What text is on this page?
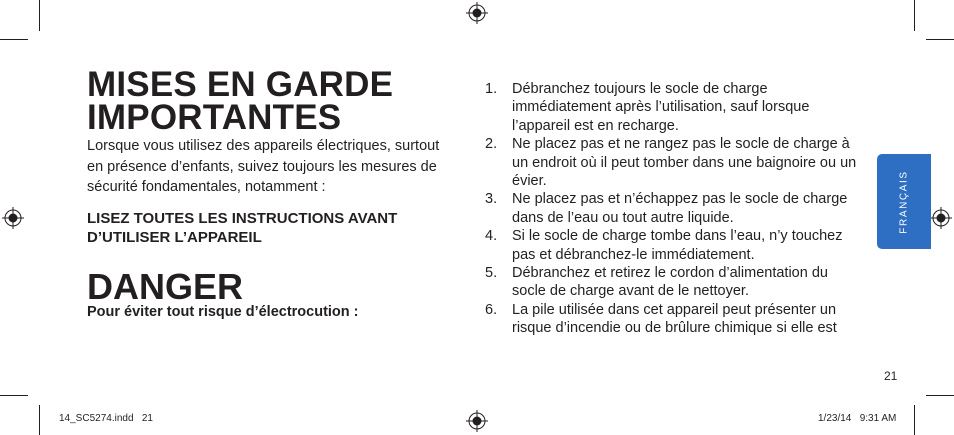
MISES EN GARDE
IMPORTANTES

Lorsque vous utilisez des appareils électriques, surtout en présence d’enfants, suivez toujours les mesures de sécurité fondamentales, notamment :

LISEZ TOUTES LES INSTRUCTIONS AVANT
D’UTILISER L’APPAREIL

DANGER

Pour éviter tout risque d’électrocution :

1. Débranchez toujours le socle de charge immédiatement après l’utilisation, sauf lorsque l’appareil est en recharge.
2. Ne placez pas et ne rangez pas le socle de charge à un endroit où il peut tomber dans une baignoire ou un évier.
3. Ne placez pas et n’échappez pas le socle de charge dans de l’eau ou tout autre liquide.
4. Si le socle de charge tombe dans l’eau, n’y touchez pas et débranchez-le immédiatement.
5. Débranchez et retirez le cordon d’alimentation du socle de charge avant de le nettoyer.
6. La pile utilisée dans cet appareil peut présenter un risque d’incendie ou de brûlure chimique si elle est
FRANÇAIS
21
14_SC5274.indd   21	1/23/14   9:31 AM
